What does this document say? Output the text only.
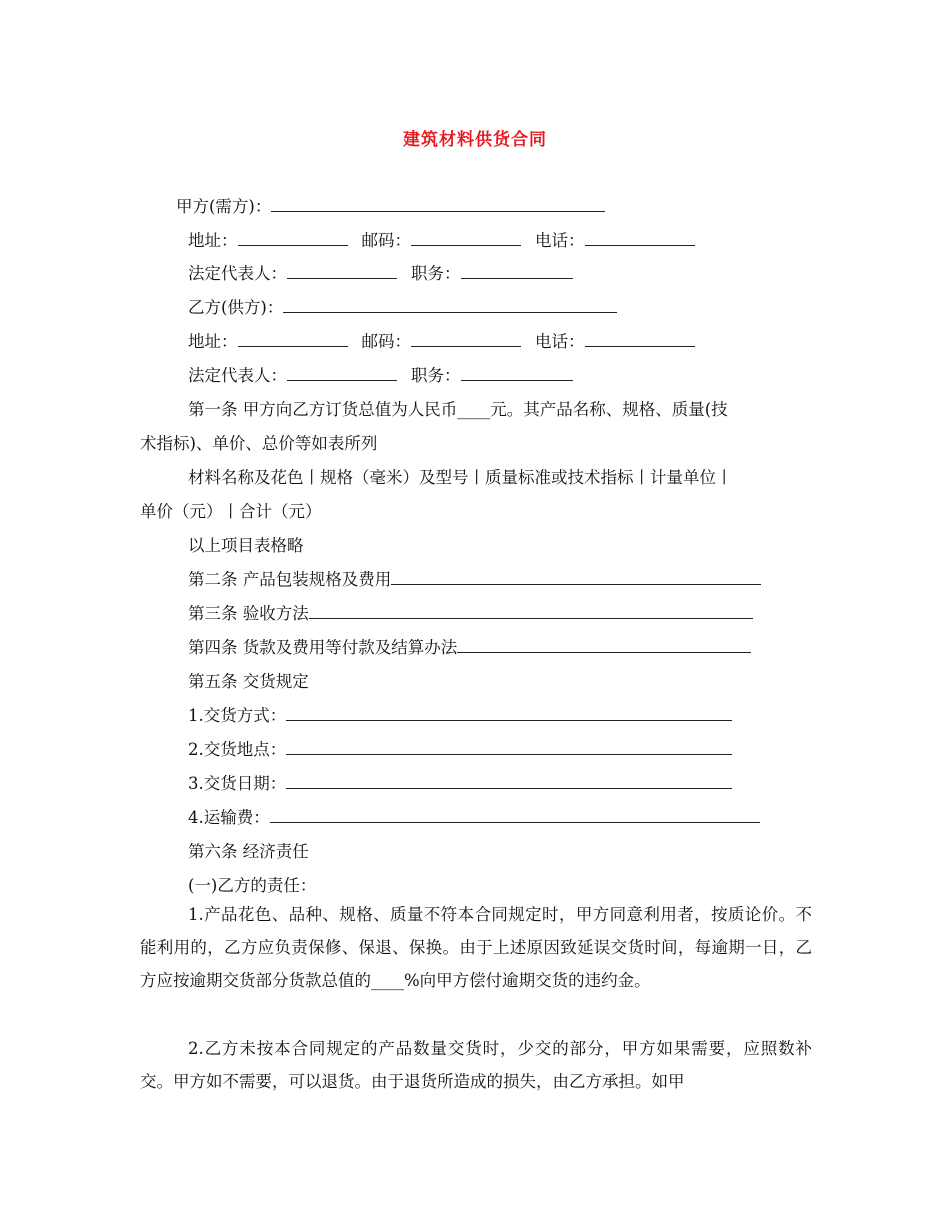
建筑材料供货合同
甲方(需方)：
地址：	邮码：	电话：
法定代表人：	职务：
乙方(供方)：
地址：	邮码：	电话：
法定代表人：	职务：
第一条 甲方向乙方订货总值为人民币____元。其产品名称、规格、质量(技
术指标)、单价、总价等如表所列
材料名称及花色丨规格（毫米）及型号丨质量标准或技术指标丨计量单位丨
单价（元）丨合计（元）
以上项目表格略
第二条 产品包装规格及费用
第三条 验收方法
第四条 货款及费用等付款及结算办法
第五条 交货规定
1.交货方式：
2.交货地点：
3.交货日期：
4.运输费：
第六条 经济责任
(一)乙方的责任：
1.产品花色、品种、规格、质量不符本合同规定时，甲方同意利用者，按质论价。不能利用的，乙方应负责保修、保退、保换。由于上述原因致延误交货时间，每逾期一日，乙方应按逾期交货部分货款总值的____%向甲方偿付逾期交货的违约金。
2.乙方未按本合同规定的产品数量交货时，少交的部分，甲方如果需要，应照数补交。甲方如不需要，可以退货。由于退货所造成的损失，由乙方承担。如甲
